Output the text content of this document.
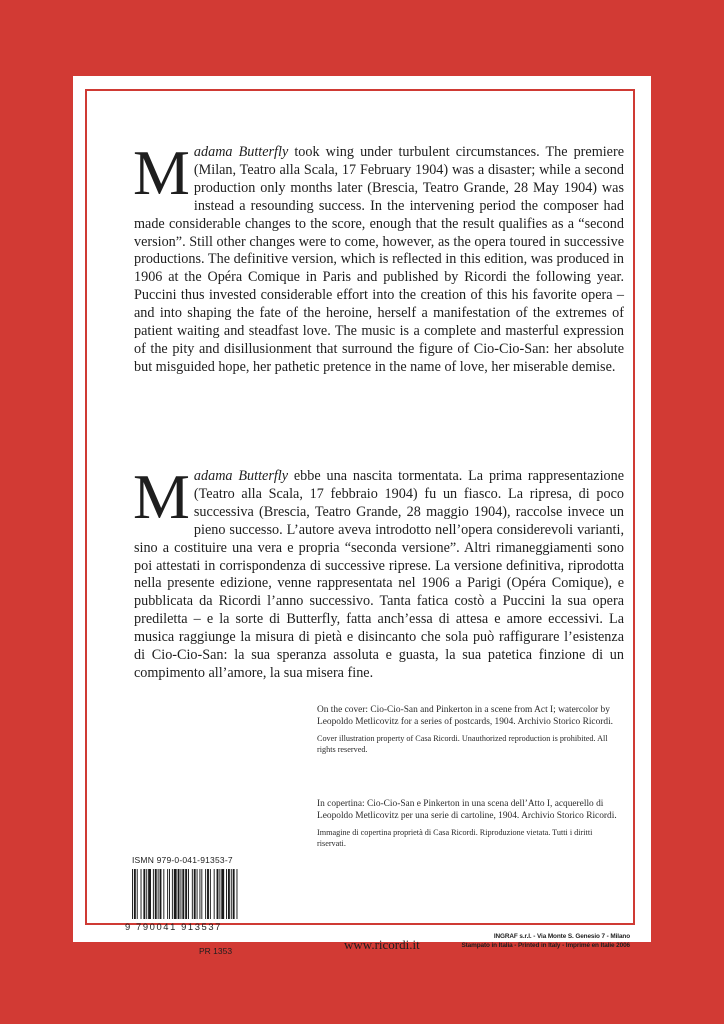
Madama Butterfly took wing under turbulent circumstances. The premiere (Milan, Teatro alla Scala, 17 February 1904) was a disaster; while a second production only months later (Brescia, Teatro Grande, 28 May 1904) was instead a resounding success. In the intervening period the composer had made considerable changes to the score, enough that the result qualifies as a “second version”. Still other changes were to come, however, as the opera toured in successive productions. The definitive version, which is reflected in this edition, was produced in 1906 at the Opéra Comique in Paris and published by Ricordi the following year. Puccini thus invested considerable effort into the creation of this his favorite opera – and into shaping the fate of the heroine, herself a manifestation of the extremes of patient waiting and steadfast love. The music is a complete and masterful expression of the pity and disillusionment that surround the figure of Cio-Cio-San: her absolute but misguided hope, her pathetic pretence in the name of love, her miserable demise.

Madama Butterfly ebbe una nascita tormentata. La prima rappresentazione (Teatro alla Scala, 17 febbraio 1904) fu un fiasco. La ripresa, di poco successiva (Brescia, Teatro Grande, 28 maggio 1904), raccolse invece un pieno successo. L’autore aveva introdotto nell’opera considerevoli varianti, sino a costituire una vera e propria “seconda versione”. Altri rimaneggiamenti sono poi attestati in corrispondenza di successive riprese. La versione definitiva, riprodotta nella presente edizione, venne rappresentata nel 1906 a Parigi (Opéra Comique), e pubblicata da Ricordi l’anno successivo. Tanta fatica costò a Puccini la sua opera prediletta – e la sorte di Butterfly, fatta anch’essa di attesa e amore eccessivi. La musica raggiunge la misura di pietà e disincanto che sola può raffigurare l’esistenza di Cio-Cio-San: la sua speranza assoluta e guasta, la sua patetica finzione di un compimento all’amore, la sua misera fine.

On the cover: Cio-Cio-San and Pinkerton in a scene from Act I; watercolor by Leopoldo Metlicovitz for a series of postcards, 1904. Archivio Storico Ricordi.

Cover illustration property of Casa Ricordi. Unauthorized reproduction is prohibited. All rights reserved.

In copertina: Cio-Cio-San e Pinkerton in una scena dell’Atto I, acquerello di Leopoldo Metlicovitz per una serie di cartoline, 1904. Archivio Storico Ricordi.

Immagine di copertina proprietà di Casa Ricordi. Riproduzione vietata. Tutti i diritti riservati.

ISMN 979-0-041-91353-7
9 790041 913537
PR 1353	www.ricordi.it

INGRAF s.r.l. - Via Monte S. Genesio 7 - Milano

Stampato in Italia - Printed in Italy - Imprimé en Italie 2006
